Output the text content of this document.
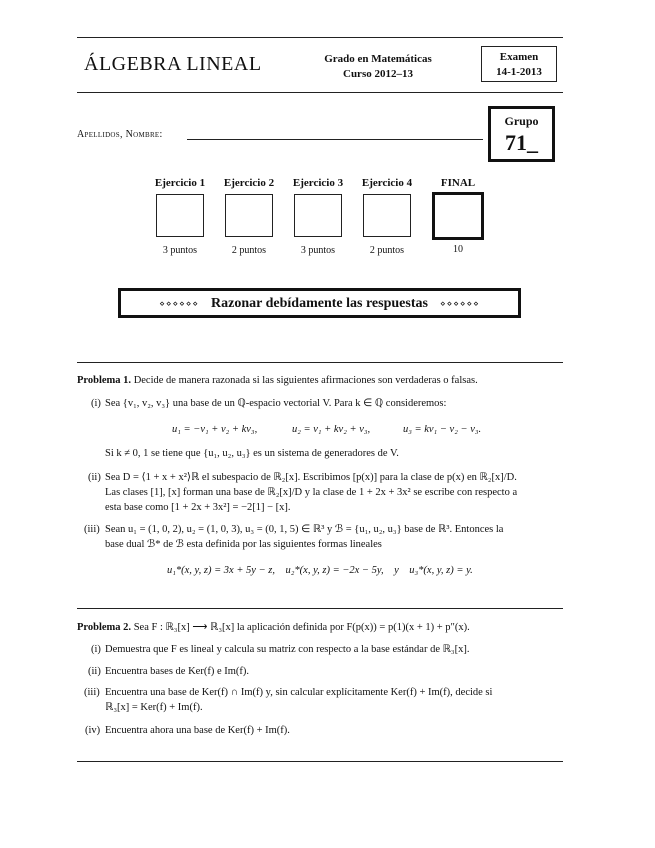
ÁLGEBRA LINEAL	Grado en Matemáticas
Curso 2012–13
Examen
14-1-2013
Apellidos, Nombre:
Grupo
71_
Ejercicio 1
3 puntos
Ejercicio 2
2 puntos
Ejercicio 3
3 puntos
Ejercicio 4
2 puntos
FINAL
10
⋄⋄⋄⋄⋄⋄ Razonar debídamente las respuestas ⋄⋄⋄⋄⋄⋄
Problema 1. Decide de manera razonada si las siguientes afirmaciones son verdaderas o falsas.
(i) Sea {v₁, v₂, v₃} una base de un ℚ-espacio vectorial V. Para k ∈ ℚ consideremos:
u₁ = −v₁ + v₂ + kv₃,	u₂ = v₁ + kv₂ + v₃,	u₃ = kv₁ − v₂ − v₃.
Si k ≠ 0, 1 se tiene que {u₁, u₂, u₃} es un sistema de generadores de V.
(ii) Sea D = ⟨1 + x + x²⟩ℝ el subespacio de ℝ₂[x]. Escribimos [p(x)] para la clase de p(x) en ℝ₂[x]/D.
Las clases [1], [x] forman una base de ℝ₂[x]/D y la clase de 1 + 2x + 3x² se escribe con respecto a
esta base como [1 + 2x + 3x²] = −2[1] − [x].
(iii) Sean u₁ = (1, 0, 2), u₂ = (1, 0, 3), u₃ = (0, 1, 5) ∈ ℝ³ y ℬ = {u₁, u₂, u₃} base de ℝ³. Entonces la
base dual ℬ* de ℬ esta definida por las siguientes formas lineales
u₁*(x, y, z) = 3x + 5y − z,    u₂*(x, y, z) = −2x − 5y,    y    u₃*(x, y, z) = y.
Problema 2. Sea F : ℝ₃[x] ⟶ ℝ₃[x] la aplicación definida por F(p(x)) = p(1)(x + 1) + p″(x).
(i) Demuestra que F es lineal y calcula su matriz con respecto a la base estándar de ℝ₃[x].
(ii) Encuentra bases de Ker(f) e Im(f).
(iii) Encuentra una base de Ker(f) ∩ Im(f) y, sin calcular explícitamente Ker(f) + Im(f), decide si
ℝ₃[x] = Ker(f) + Im(f).
(iv) Encuentra ahora una base de Ker(f) + Im(f).
